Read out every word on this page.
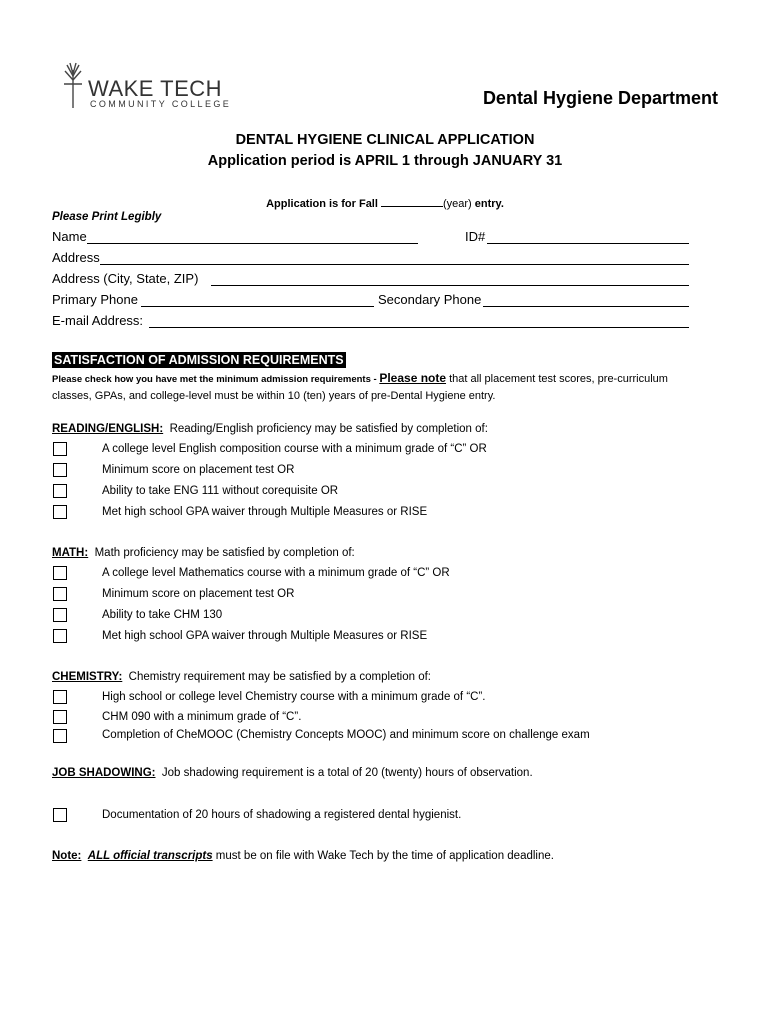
WAKE TECH
COMMUNITY COLLEGE	Dental Hygiene Department
DENTAL HYGIENE CLINICAL APPLICATION
Application period is APRIL 1 through JANUARY 31
Application is for Fall	(year) entry.
Please Print Legibly
Name	ID#
Address
Address (City, State, ZIP)
Primary Phone	Secondary Phone
E-mail Address:
SATISFACTION OF ADMISSION REQUIREMENTS
Please check how you have met the minimum admission requirements - Please note that all placement test scores, pre-curriculum classes, GPAs, and college-level must be within 10 (ten) years of pre-Dental Hygiene entry.
READING/ENGLISH: Reading/English proficiency may be satisfied by completion of:
A college level English composition course with a minimum grade of “C” OR
Minimum score on placement test OR
Ability to take ENG 111 without corequisite OR
Met high school GPA waiver through Multiple Measures or RISE
MATH: Math proficiency may be satisfied by completion of:
A college level Mathematics course with a minimum grade of “C” OR
Minimum score on placement test OR
Ability to take CHM 130
Met high school GPA waiver through Multiple Measures or RISE
CHEMISTRY: Chemistry requirement may be satisfied by a completion of:
High school or college level Chemistry course with a minimum grade of “C”.
CHM 090 with a minimum grade of “C”.
Completion of CheMOOC (Chemistry Concepts MOOC) and minimum score on challenge exam
JOB SHADOWING: Job shadowing requirement is a total of 20 (twenty) hours of observation.
Documentation of 20 hours of shadowing a registered dental hygienist.
Note: ALL official transcripts must be on file with Wake Tech by the time of application deadline.
